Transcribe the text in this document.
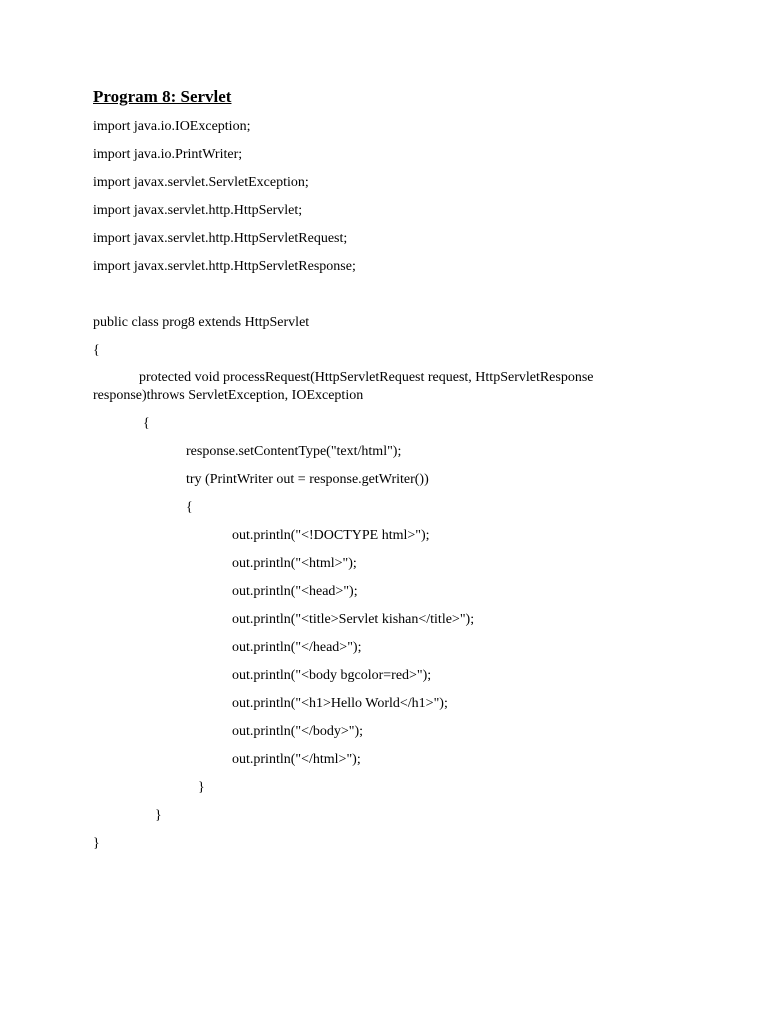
Program 8: Servlet
import java.io.IOException;
import java.io.PrintWriter;
import javax.servlet.ServletException;
import javax.servlet.http.HttpServlet;
import javax.servlet.http.HttpServletRequest;
import javax.servlet.http.HttpServletResponse;
public class prog8 extends HttpServlet
{
protected void processRequest(HttpServletRequest request, HttpServletResponse
response)throws ServletException, IOException
{
response.setContentType("text/html");
try (PrintWriter out = response.getWriter())
{
out.println("<!DOCTYPE html>");
out.println("<html>");
out.println("<head>");
out.println("<title>Servlet kishan</title>");
out.println("</head>");
out.println("<body bgcolor=red>");
out.println("<h1>Hello World</h1>");
out.println("</body>");
out.println("</html>");
}
}
}
